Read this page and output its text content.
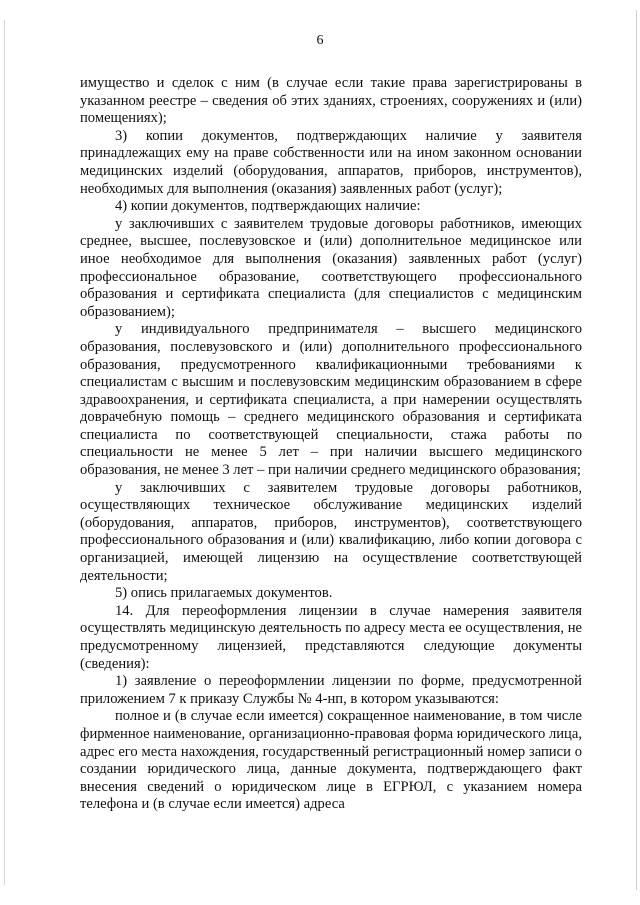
6

имущество и сделок с ним (в случае если такие права зарегистрированы в указанном реестре – сведения об этих зданиях, строениях, сооружениях и (или) помещениях);

3) копии документов, подтверждающих наличие у заявителя принадлежащих ему на праве собственности или на ином законном основании медицинских изделий (оборудования, аппаратов, приборов, инструментов), необходимых для выполнения (оказания) заявленных работ (услуг);

4) копии документов, подтверждающих наличие:

у заключивших с заявителем трудовые договоры работников, имеющих среднее, высшее, послевузовское и (или) дополнительное медицинское или иное необходимое для выполнения (оказания) заявленных работ (услуг) профессиональное образование, соответствующего профессионального образования и сертификата специалиста (для специалистов с медицинским образованием);

у индивидуального предпринимателя – высшего медицинского образования, послевузовского и (или) дополнительного профессионального образования, предусмотренного квалификационными требованиями к специалистам с высшим и послевузовским медицинским образованием в сфере здравоохранения, и сертификата специалиста, а при намерении осуществлять доврачебную помощь – среднего медицинского образования и сертификата специалиста по соответствующей специальности, стажа работы по специальности не менее 5 лет – при наличии высшего медицинского образования, не менее 3 лет – при наличии среднего медицинского образования;

у заключивших с заявителем трудовые договоры работников, осуществляющих техническое обслуживание медицинских изделий (оборудования, аппаратов, приборов, инструментов), соответствующего профессионального образования и (или) квалификацию, либо копии договора с организацией, имеющей лицензию на осуществление соответствующей деятельности;

5) опись прилагаемых документов.

14. Для переоформления лицензии в случае намерения заявителя осуществлять медицинскую деятельность по адресу места ее осуществления, не предусмотренному лицензией, представляются следующие документы (сведения):

1) заявление о переоформлении лицензии по форме, предусмотренной приложением 7 к приказу Службы № 4-нп, в котором указываются:

полное и (в случае если имеется) сокращенное наименование, в том числе фирменное наименование, организационно-правовая форма юридического лица, адрес его места нахождения, государственный регистрационный номер записи о создании юридического лица, данные документа, подтверждающего факт внесения сведений о юридическом лице в ЕГРЮЛ, с указанием номера телефона и (в случае если имеется) адреса
